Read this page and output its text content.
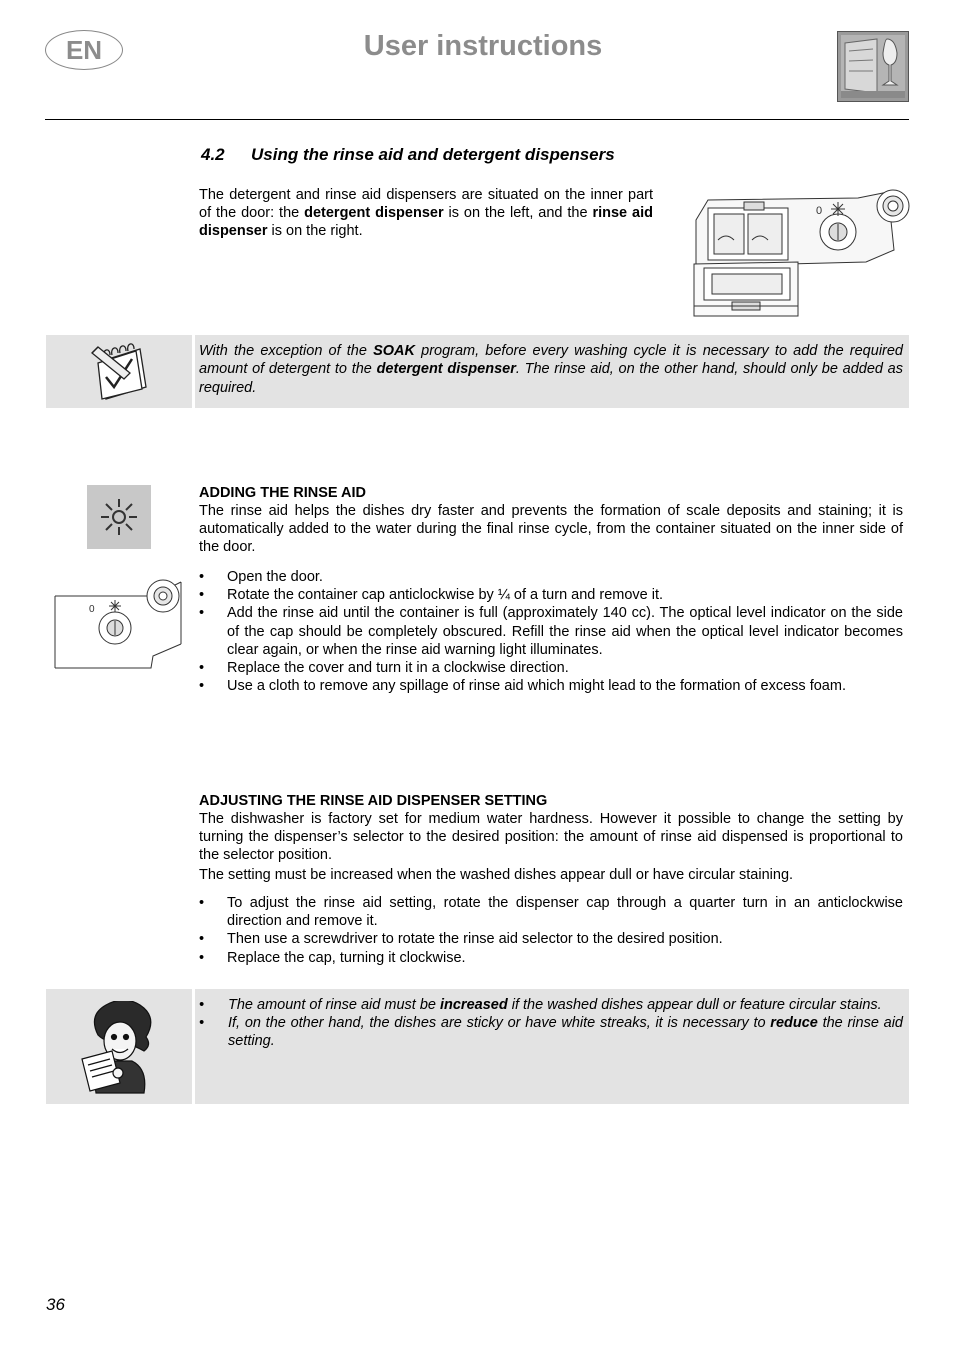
EN	User instructions
4.2 Using the rinse aid and detergent dispensers
The detergent and rinse aid dispensers are situated on the inner part of the door: the detergent dispenser is on the left, and the rinse aid dispenser is on the right.
0
With the exception of the SOAK program, before every washing cycle it is necessary to add the required amount of detergent to the detergent dispenser. The rinse aid, on the other hand, should only be added as required.
0
ADDING THE RINSE AID
The rinse aid helps the dishes dry faster and prevents the formation of scale deposits and staining; it is automatically added to the water during the final rinse cycle, from the container situated on the inner side of the door.
• Open the door.
• Rotate the container cap anticlockwise by ¼ of a turn and remove it.
• Add the rinse aid until the container is full (approximately 140 cc). The optical level indicator on the side of the cap should be completely obscured. Refill the rinse aid when the optical level indicator becomes clear again, or when the rinse aid warning light illuminates.
• Replace the cover and turn it in a clockwise direction.
• Use a cloth to remove any spillage of rinse aid which might lead to the formation of excess foam.
ADJUSTING THE RINSE AID DISPENSER SETTING
The dishwasher is factory set for medium water hardness. However it possible to change the setting by turning the dispenser’s selector to the desired position: the amount of rinse aid dispensed is proportional to the selector position.
The setting must be increased when the washed dishes appear dull or have circular staining.
• To adjust the rinse aid setting, rotate the dispenser cap through a quarter turn in an anticlockwise direction and remove it.
• Then use a screwdriver to rotate the rinse aid selector to the desired position.
• Replace the cap, turning it clockwise.
• The amount of rinse aid must be increased if the washed dishes appear dull or feature circular stains.
• If, on the other hand, the dishes are sticky or have white streaks, it is necessary to reduce the rinse aid setting.
36
